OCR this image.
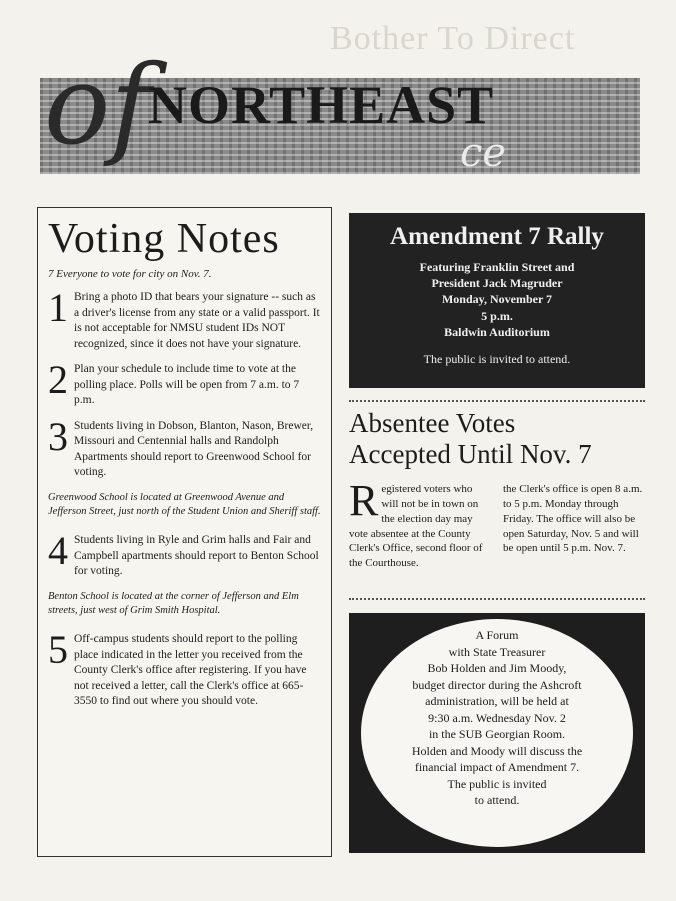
Bother To Direct
of
NORTHEAST
ce
Voting Notes
7 Everyone to vote for city on Nov. 7.
1 Bring a photo ID that bears your signature -- such as a driver's license from any state or a valid passport. It is not acceptable for NMSU student IDs NOT recognized, since it does not have your signature.

2 Plan your schedule to include time to vote at the polling place. Polls will be open from 7 a.m. to 7 p.m.

3 Students living in Dobson, Blanton, Nason, Brewer, Missouri and Centennial halls and Randolph Apartments should report to Greenwood School for voting.

Greenwood School is located at Greenwood Avenue and Jefferson Street, just north of the Student Union and Sheriff staff.
4 Students living in Ryle and Grim halls and Fair and Campbell apartments should report to Benton School for voting.

Benton School is located at the corner of Jefferson and Elm streets, just west of Grim Smith Hospital.
5 Off-campus students should report to the polling place indicated in the letter you received from the County Clerk's office after registering. If you have not received a letter, call the Clerk's office at 665-3550 to find out where you should vote.

Amendment 7 Rally
Featuring Franklin Street and
President Jack Magruder
Monday, November 7
5 p.m.
Baldwin Auditorium
The public is invited to attend.
Absentee Votes
Accepted Until Nov. 7
R egistered voters who will not be in town on the election day may vote absentee at the County Clerk's Office, second floor of the Courthouse.
the Clerk's office is open 8 a.m. to 5 p.m. Monday through Friday. The office will also be open Saturday, Nov. 5 and will be open until 5 p.m. Nov. 7.
A Forum
with State Treasurer
Bob Holden and Jim Moody,
budget director during the Ashcroft
administration, will be held at
9:30 a.m. Wednesday Nov. 2
in the SUB Georgian Room.
Holden and Moody will discuss the
financial impact of Amendment 7.
The public is invited
to attend.
